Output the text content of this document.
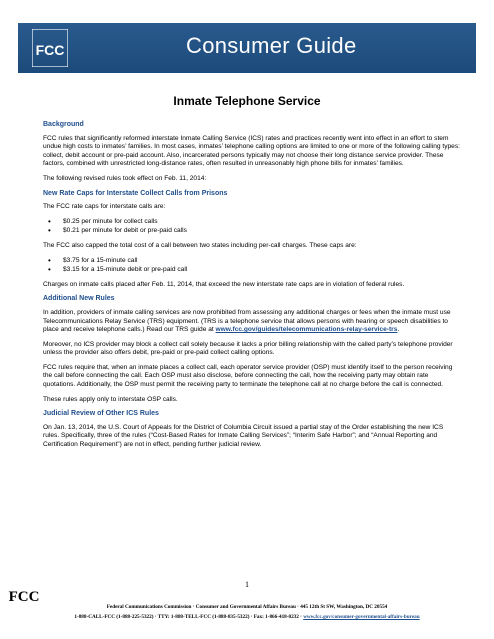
FCC	Consumer Guide
Inmate Telephone Service
Background

FCC rules that significantly reformed interstate Inmate Calling Service (ICS) rates and practices recently went into effect in an effort to stem undue high costs to inmates’ families. In most cases, inmates’ telephone calling options are limited to one or more of the following calling types: collect, debit account or pre-paid account. Also, incarcerated persons typically may not choose their long distance service provider. These factors, combined with unrestricted long-distance rates, often resulted in unreasonably high phone bills for inmates’ families.

The following revised rules took effect on Feb. 11, 2014:

New Rate Caps for Interstate Collect Calls from Prisons

The FCC rate caps for interstate calls are:

• $0.25 per minute for collect calls
• $0.21 per minute for debit or pre-paid calls

The FCC also capped the total cost of a call between two states including per-call charges. These caps are:

• $3.75 for a 15-minute call
• $3.15 for a 15-minute debit or pre-paid call

Charges on inmate calls placed after Feb. 11, 2014, that exceed the new interstate rate caps are in violation of federal rules.

Additional New Rules

In addition, providers of inmate calling services are now prohibited from assessing any additional charges or fees when the inmate must use Telecommunications Relay Service (TRS) equipment. (TRS is a telephone service that allows persons with hearing or speech disabilities to place and receive telephone calls.) Read our TRS guide at www.fcc.gov/guides/telecommunications-relay-service-trs.

Moreover, no ICS provider may block a collect call solely because it lacks a prior billing relationship with the called party’s telephone provider unless the provider also offers debit, pre-paid or pre-paid collect calling options.

FCC rules require that, when an inmate places a collect call, each operator service provider (OSP) must identify itself to the person receiving the call before connecting the call. Each OSP must also disclose, before connecting the call, how the receiving party may obtain rate quotations. Additionally, the OSP must permit the receiving party to terminate the telephone call at no charge before the call is connected.

These rules apply only to interstate OSP calls.

Judicial Review of Other ICS Rules

On Jan. 13, 2014, the U.S. Court of Appeals for the District of Columbia Circuit issued a partial stay of the Order establishing the new ICS rules. Specifically, three of the rules (“Cost-Based Rates for Inmate Calling Services”; “Interim Safe Harbor”; and “Annual Reporting and Certification Requirement”) are not in effect, pending further judicial review.

FCC
1
Federal Communications Commission · Consumer and Governmental Affairs Bureau · 445 12th St SW, Washington, DC 20554
1-888-CALL-FCC (1-888-225-5322) · TTY: 1-888-TELL-FCC (1-888-835-5322) · Fax: 1-866-418-0232 · www.fcc.gov/consumer-governmental-affairs-bureau
